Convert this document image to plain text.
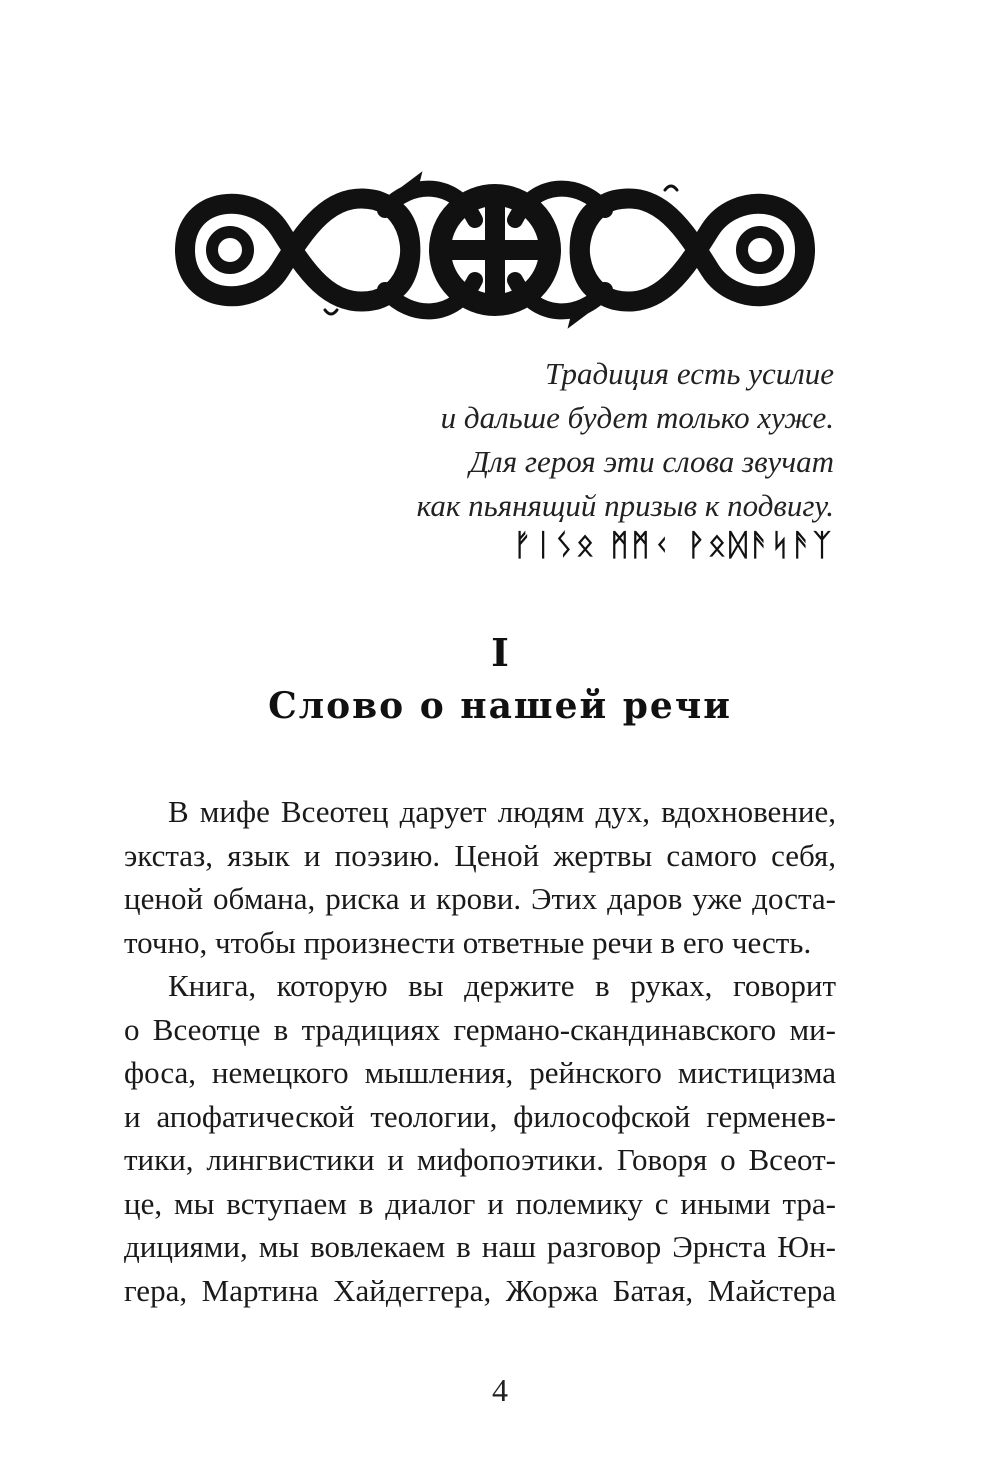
Традиция есть усилие
и дальше будет только хуже.
Для героя эти слова звучат
как пьянящий призыв к подвигу.
ᚠᛁᛊᛟ ᛗᛗᚲ ᚹᛟᛞᚫᛋᚫᛉ
I
Слово о нашей речи
В мифе Всеотец дарует людям дух, вдохновение,
экстаз, язык и поэзию. Ценой жертвы самого себя,
ценой обмана, риска и крови. Этих даров уже доста-
точно, чтобы произнести ответные речи в его честь.
Книга, которую вы держите в руках, говорит
о Всеотце в традициях германо-скандинавского ми-
фоса, немецкого мышления, рейнского мистицизма
и апофатической теологии, философской герменев-
тики, лингвистики и мифопоэтики. Говоря о Всеот-
це, мы вступаем в диалог и полемику с иными тра-
дициями, мы вовлекаем в наш разговор Эрнста Юн-
гера, Мартина Хайдеггера, Жоржа Батая, Майстера
4
